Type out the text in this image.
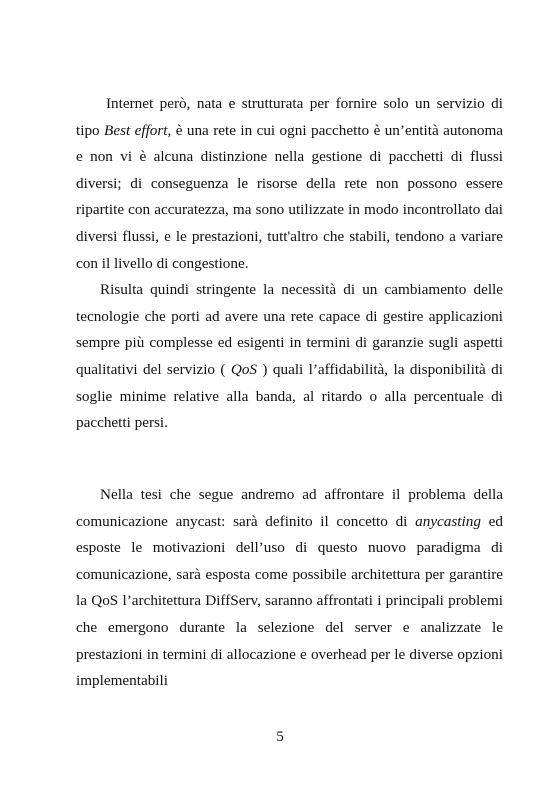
Internet però, nata e strutturata per fornire solo un servizio di tipo Best effort, è una rete in cui ogni pacchetto è un’entità autonoma e non vi è alcuna distinzione nella gestione di pacchetti di flussi diversi; di conseguenza le risorse della rete non possono essere ripartite con accuratezza, ma sono utilizzate in modo incontrollato dai diversi flussi, e le prestazioni, tutt'altro che stabili, tendono a variare con il livello di congestione.

Risulta quindi stringente la necessità di un cambiamento delle tecnologie che porti ad avere una rete capace di gestire applicazioni sempre più complesse ed esigenti in termini di garanzie sugli aspetti qualitativi del servizio ( QoS ) quali l’affidabilità, la disponibilità di soglie minime relative alla banda, al ritardo o alla percentuale di pacchetti persi.

Nella tesi che segue andremo ad affrontare il problema della comunicazione anycast: sarà definito il concetto di anycasting ed esposte le motivazioni dell’uso di questo nuovo paradigma di comunicazione, sarà esposta come possibile architettura per garantire la QoS l’architettura DiffServ, saranno affrontati i principali problemi che emergono durante la selezione del server e analizzate le prestazioni in termini di allocazione e overhead per le diverse opzioni implementabili

5
